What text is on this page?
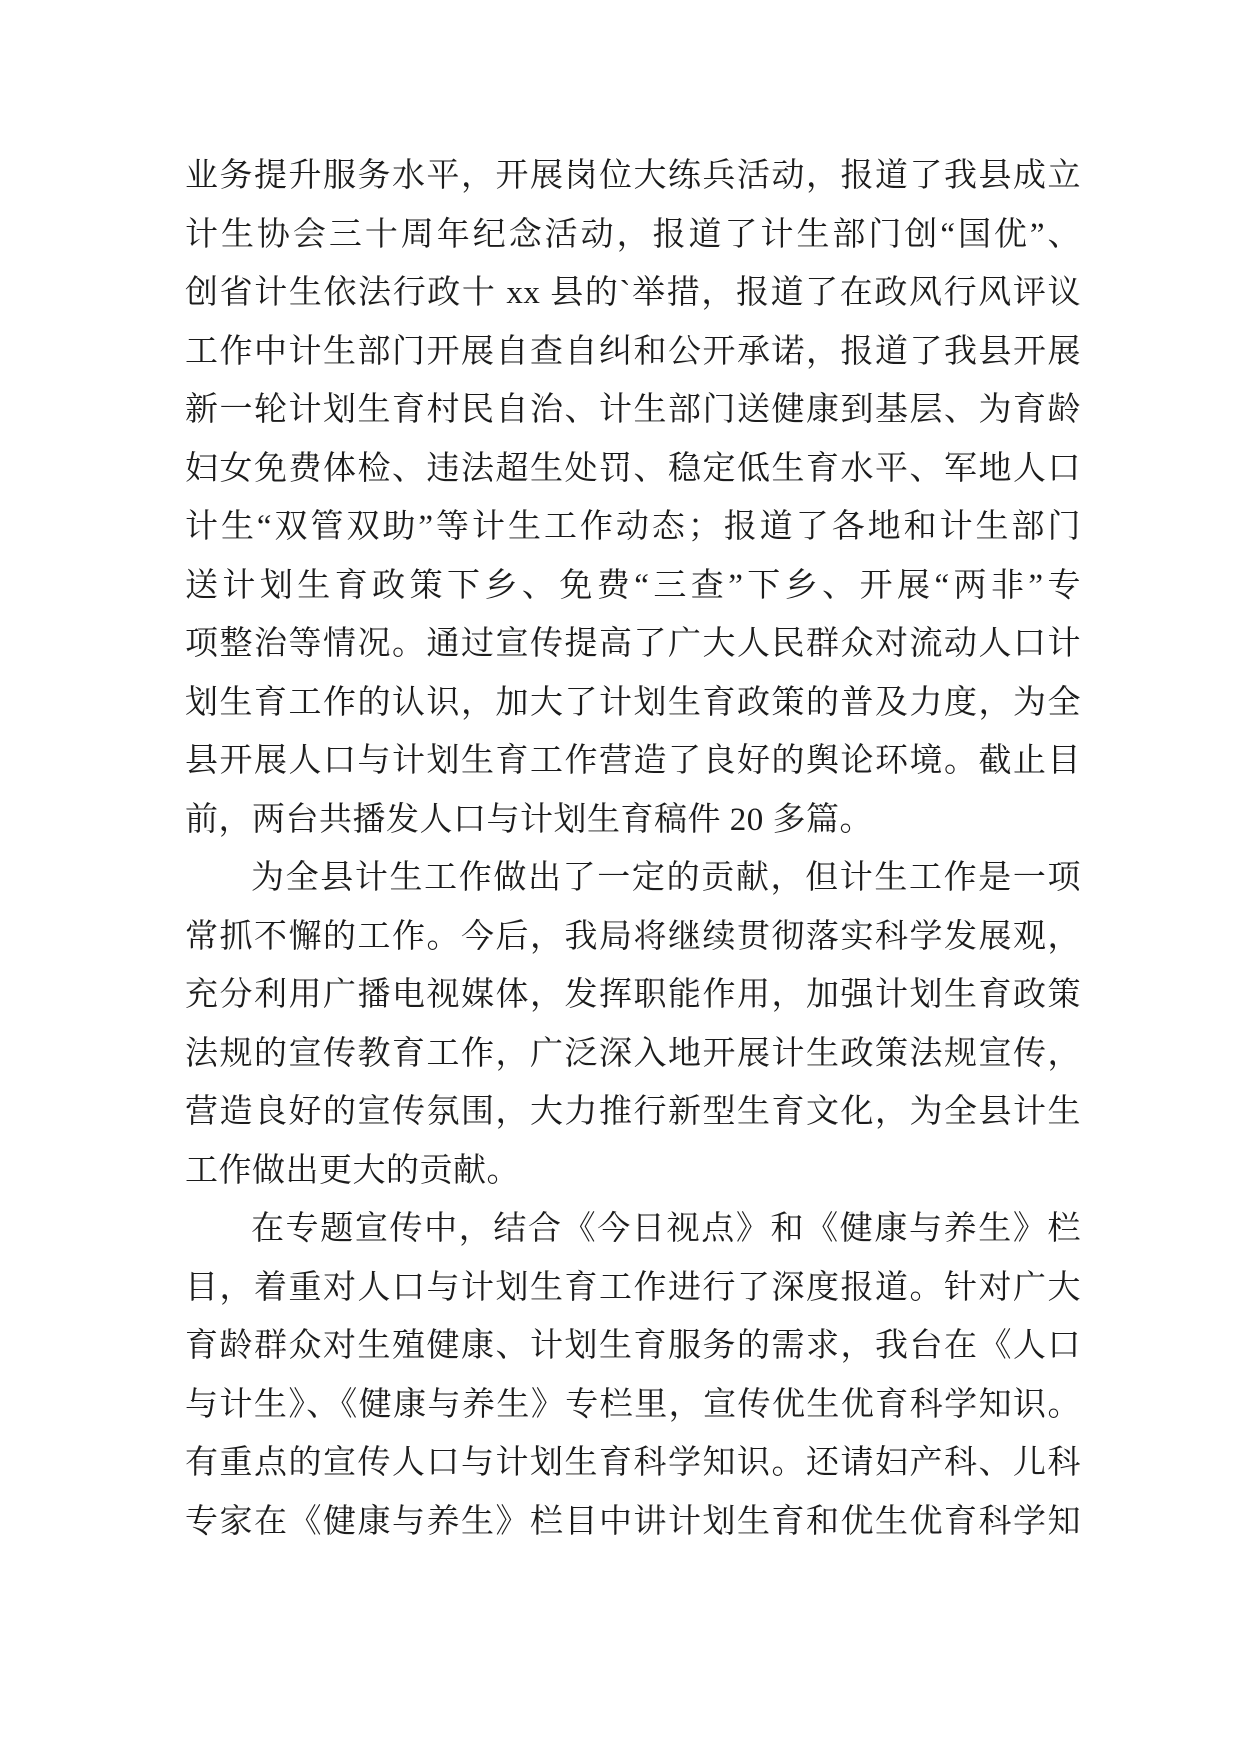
业务提升服务水平，开展岗位大练兵活动，报道了我县成立
计生协会三十周年纪念活动，报道了计生部门创“国优”、
创省计生依法行政十 xx 县的`举措，报道了在政风行风评议
工作中计生部门开展自查自纠和公开承诺，报道了我县开展
新一轮计划生育村民自治、计生部门送健康到基层、为育龄
妇女免费体检、违法超生处罚、稳定低生育水平、军地人口
计生“双管双助”等计生工作动态；报道了各地和计生部门
送计划生育政策下乡、免费“三查”下乡、开展“两非”专
项整治等情况。通过宣传提高了广大人民群众对流动人口计
划生育工作的认识，加大了计划生育政策的普及力度，为全
县开展人口与计划生育工作营造了良好的舆论环境。截止目
前，两台共播发人口与计划生育稿件 20 多篇。
为全县计生工作做出了一定的贡献，但计生工作是一项
常抓不懈的工作。今后，我局将继续贯彻落实科学发展观，
充分利用广播电视媒体，发挥职能作用，加强计划生育政策
法规的宣传教育工作，广泛深入地开展计生政策法规宣传，
营造良好的宣传氛围，大力推行新型生育文化，为全县计生
工作做出更大的贡献。
在专题宣传中，结合《今日视点》和《健康与养生》栏
目，着重对人口与计划生育工作进行了深度报道。针对广大
育龄群众对生殖健康、计划生育服务的需求，我台在《人口
与计生》、《健康与养生》专栏里，宣传优生优育科学知识。
有重点的宣传人口与计划生育科学知识。还请妇产科、儿科
专家在《健康与养生》栏目中讲计划生育和优生优育科学知
